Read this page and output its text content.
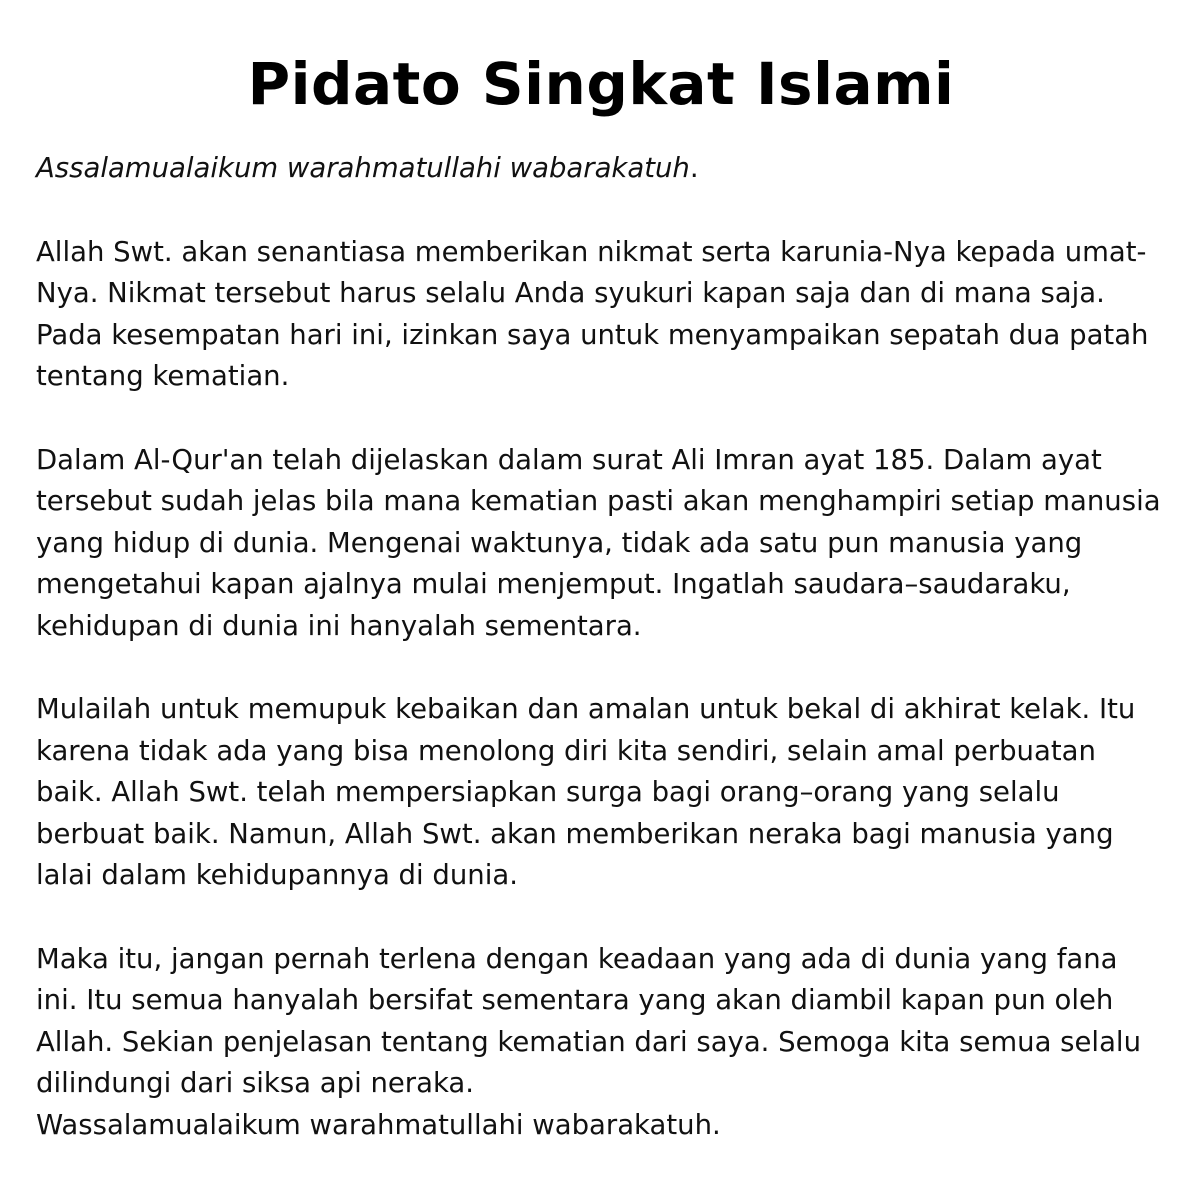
Pidato Singkat Islami

Assalamualaikum warahmatullahi wabarakatuh.

Allah Swt. akan senantiasa memberikan nikmat serta karunia-Nya kepada umat-Nya. Nikmat tersebut harus selalu Anda syukuri kapan saja dan di mana saja. Pada kesempatan hari ini, izinkan saya untuk menyampaikan sepatah dua patah tentang kematian.

Dalam Al-Qur'an telah dijelaskan dalam surat Ali Imran ayat 185. Dalam ayat tersebut sudah jelas bila mana kematian pasti akan menghampiri setiap manusia yang hidup di dunia. Mengenai waktunya, tidak ada satu pun manusia yang mengetahui kapan ajalnya mulai menjemput. Ingatlah saudara–saudaraku, kehidupan di dunia ini hanyalah sementara.

Mulailah untuk memupuk kebaikan dan amalan untuk bekal di akhirat kelak. Itu karena tidak ada yang bisa menolong diri kita sendiri, selain amal perbuatan baik. Allah Swt. telah mempersiapkan surga bagi orang–orang yang selalu berbuat baik. Namun, Allah Swt. akan memberikan neraka bagi manusia yang lalai dalam kehidupannya di dunia.

Maka itu, jangan pernah terlena dengan keadaan yang ada di dunia yang fana ini. Itu semua hanyalah bersifat sementara yang akan diambil kapan pun oleh Allah. Sekian penjelasan tentang kematian dari saya. Semoga kita semua selalu dilindungi dari siksa api neraka.

Wassalamualaikum warahmatullahi wabarakatuh.
